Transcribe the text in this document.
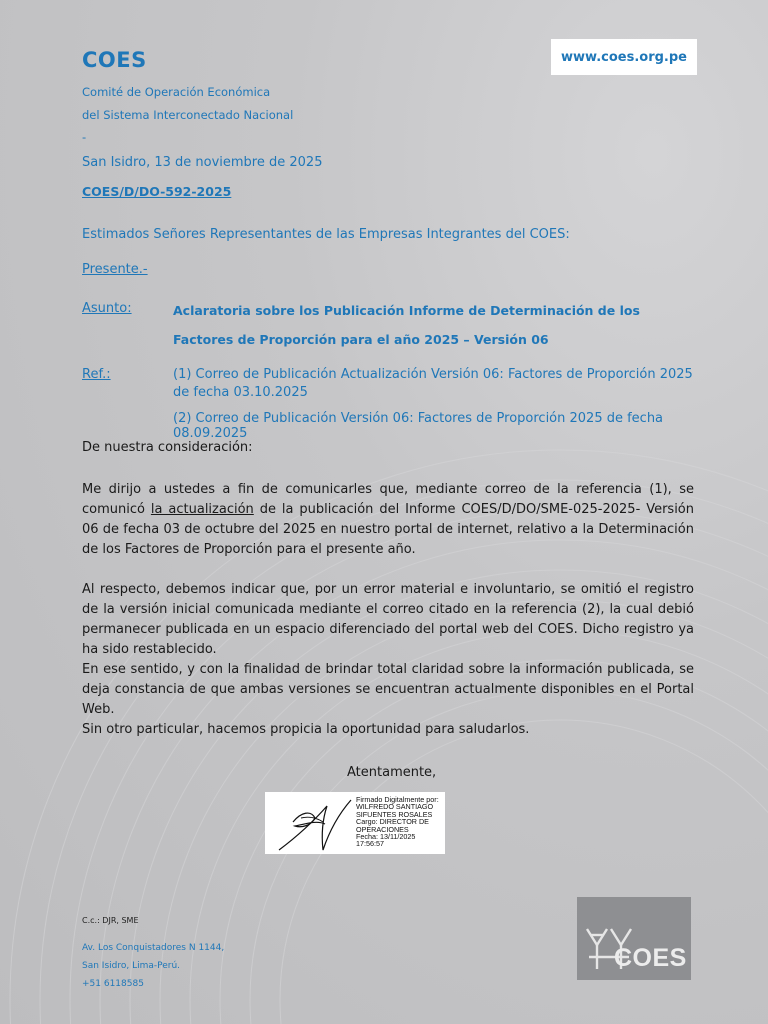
COES
Comité de Operación Económica
del Sistema Interconectado Nacional
-
www.coes.org.pe
San Isidro, 13 de noviembre de 2025
COES/D/DO-592-2025
Estimados Señores Representantes de las Empresas Integrantes del COES:
Presente.-
Asunto:	Aclaratoria sobre los Publicación Informe de Determinación de los Factores de Proporción para el año 2025 – Versión 06
Ref.:	(1) Correo de Publicación Actualización Versión 06: Factores de Proporción 2025 de fecha 03.10.2025
(2) Correo de Publicación Versión 06: Factores de Proporción 2025 de fecha 08.09.2025
De nuestra consideración:
Me dirijo a ustedes a fin de comunicarles que, mediante correo de la referencia (1), se comunicó la actualización de la publicación del Informe COES/D/DO/SME-025-2025- Versión 06 de fecha 03 de octubre del 2025 en nuestro portal de internet, relativo a la Determinación de los Factores de Proporción para el presente año.
Al respecto, debemos indicar que, por un error material e involuntario, se omitió el registro de la versión inicial comunicada mediante el correo citado en la referencia (2), la cual debió permanecer publicada en un espacio diferenciado del portal web del COES. Dicho registro ya ha sido restablecido.
En ese sentido, y con la finalidad de brindar total claridad sobre la información publicada, se deja constancia de que ambas versiones se encuentran actualmente disponibles en el Portal Web.
Sin otro particular, hacemos propicia la oportunidad para saludarlos.
Atentamente,
Firmado Digitalmente por:
WILFREDO SANTIAGO
SIFUENTES ROSALES
Cargo: DIRECTOR DE
OPERACIONES
Fecha: 13/11/2025 17:56:57
C.c.: DJR, SME
Av. Los Conquistadores N 1144,
San Isidro, Lima-Perú.
+51 6118585
COES
